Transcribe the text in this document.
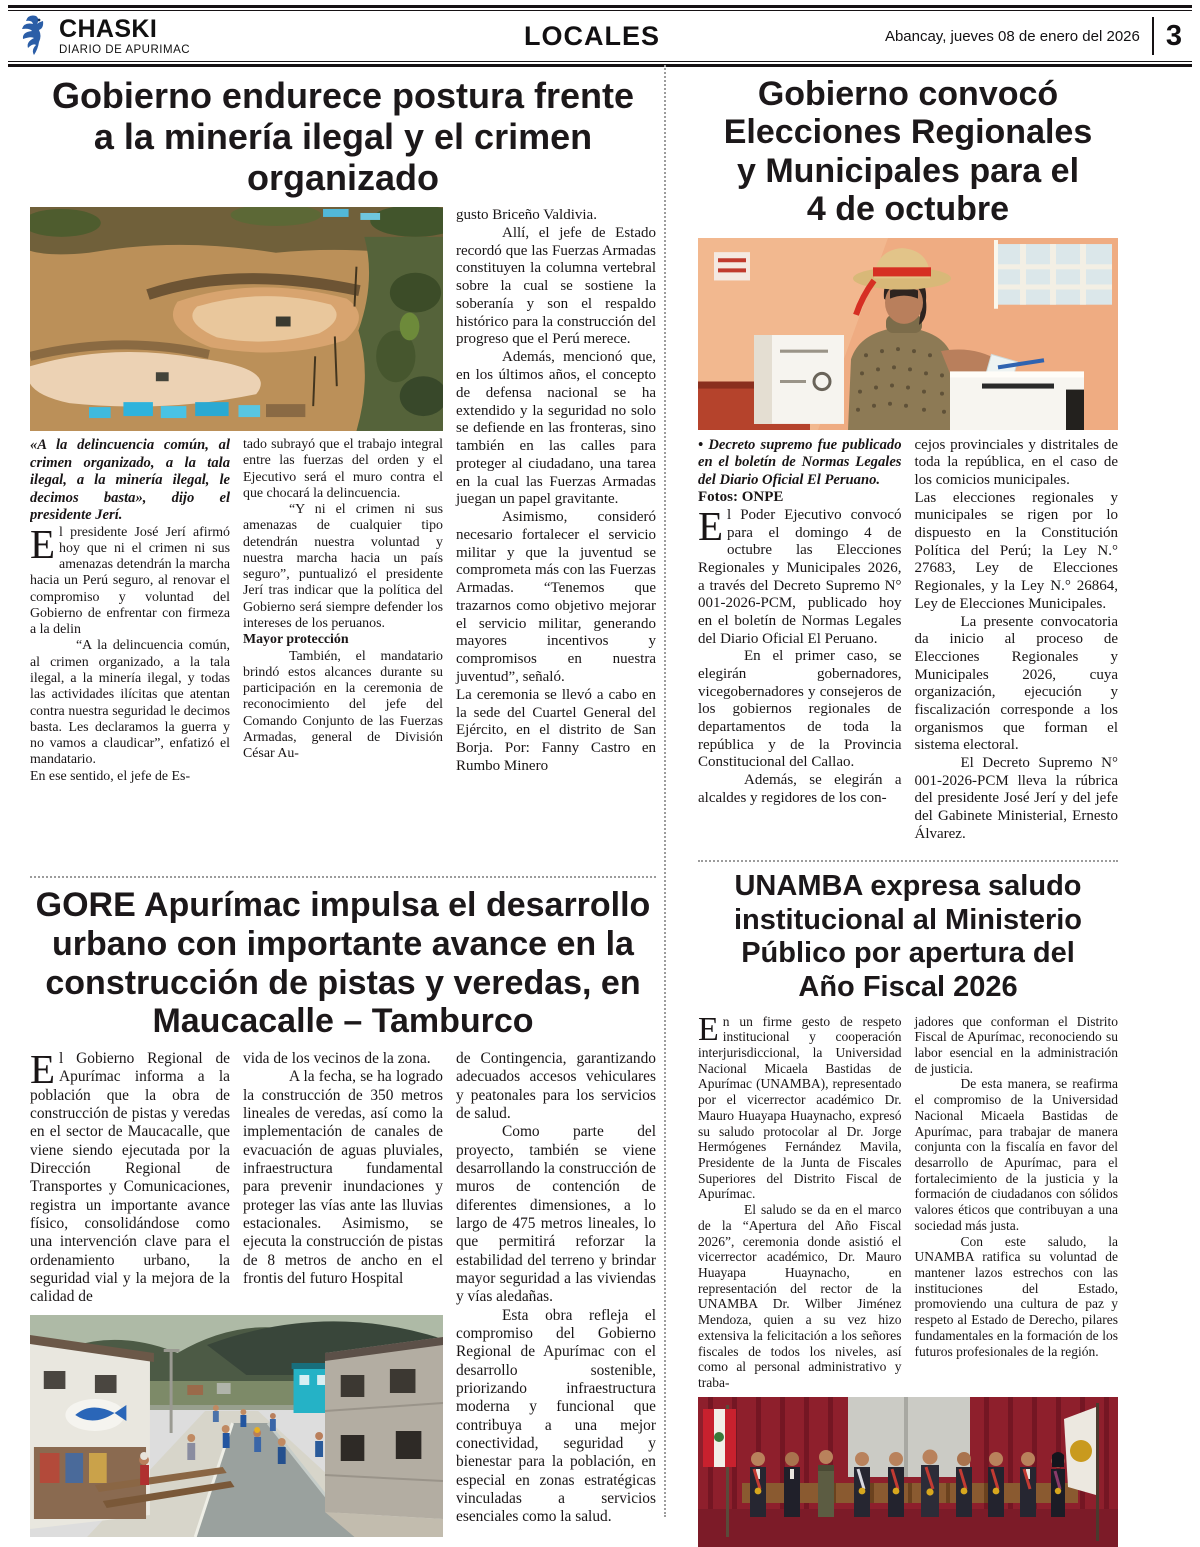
CHASKI
DIARIO DE APURIMAC	LOCALES	Abancay, jueves 08 de enero del 2026 3
Gobierno endurece postura frente
a la minería ilegal y el crimen
organizado

«A la delincuencia común, al crimen organizado, a la tala ilegal, a la minería ilegal, le decimos basta», dijo el presidente Jerí.

El presidente José Jerí afirmó hoy que ni el crimen ni sus amenazas detendrán la marcha hacia un Perú seguro, al renovar el compromiso y voluntad del Gobierno de enfrentar con firmeza a la delin

“A la delincuencia común, al crimen organizado, a la tala ilegal, a la minería ilegal, y todas las actividades ilícitas que atentan contra nuestra seguridad le decimos basta. Les declaramos la guerra y no vamos a claudicar”, enfatizó el mandatario.

En ese sentido, el jefe de Es-

tado subrayó que el trabajo integral entre las fuerzas del orden y el Ejecutivo será el muro contra el que chocará la delincuencia.

“Y ni el crimen ni sus amenazas de cualquier tipo detendrán nuestra voluntad y nuestra marcha hacia un país seguro”, puntualizó el presidente Jerí tras indicar que la política del Gobierno será siempre defender los intereses de los peruanos.

Mayor protección

También, el mandatario brindó estos alcances durante su participación en la ceremonia de reconocimiento del jefe del Comando Conjunto de las Fuerzas Armadas, general de División César Au-

gusto Briceño Valdivia.

Allí, el jefe de Estado recordó que las Fuerzas Armadas constituyen la columna vertebral sobre la cual se sostiene la soberanía y son el respaldo histórico para la construcción del progreso que el Perú merece.

Además, mencionó que, en los últimos años, el concepto de defensa nacional se ha extendido y la seguridad no solo se defiende en las fronteras, sino también en las calles para proteger al ciudadano, una tarea en la cual las Fuerzas Armadas juegan un papel gravitante.

Asimismo, consideró necesario fortalecer el servicio militar y que la juventud se comprometa más con las Fuerzas Armadas. “Tenemos que trazarnos como objetivo mejorar el servicio militar, generando mayores incentivos y compromisos en nuestra juventud”, señaló.

La ceremonia se llevó a cabo en la sede del Cuartel General del Ejército, en el distrito de San Borja. Por: Fanny Castro en Rumbo Minero

GORE Apurímac impulsa el desarrollo
urbano con importante avance en la
construcción de pistas y veredas, en
Maucacalle – Tamburco

El Gobierno Regional de Apurímac informa a la población que la obra de construcción de pistas y veredas en el sector de Maucacalle, que viene siendo ejecutada por la Dirección Regional de Transportes y Comunicaciones, registra un importante avance físico, consolidándose como una intervención clave para el ordenamiento urbano, la seguridad vial y la mejora de la calidad de

vida de los vecinos de la zona.

A la fecha, se ha logrado la construcción de 350 metros lineales de veredas, así como la implementación de canales de evacuación de aguas pluviales, infraestructura fundamental para prevenir inundaciones y proteger las vías ante las lluvias estacionales. Asimismo, se ejecuta la construcción de pistas de 8 metros de ancho en el frontis del futuro Hospital

de Contingencia, garantizando adecuados accesos vehiculares y peatonales para los servicios de salud.

Como parte del proyecto, también se viene desarrollando la construcción de muros de contención de diferentes dimensiones, a lo largo de 475 metros lineales, lo que permitirá reforzar la estabilidad del terreno y brindar mayor seguridad a las viviendas y vías aledañas.

Esta obra refleja el compromiso del Gobierno Regional de Apurímac con el desarrollo sostenible, priorizando infraestructura moderna y funcional que contribuya a una mejor conectividad, seguridad y bienestar para la población, en especial en zonas estratégicas vinculadas a servicios esenciales como la salud.

Gobierno convocó
Elecciones Regionales
y Municipales para el
4 de octubre

• Decreto supremo fue publicado en el boletín de Normas Legales del Diario Oficial El Peruano.

Fotos: ONPE

El Poder Ejecutivo convocó para el domingo 4 de octubre las Elecciones Regionales y Municipales 2026, a través del Decreto Supremo N° 001-2026-PCM, publicado hoy en el boletín de Normas Legales del Diario Oficial El Peruano.

En el primer caso, se elegirán gobernadores, vicegobernadores y consejeros de los gobiernos regionales de departamentos de toda la república y de la Provincia Constitucional del Callao.

Además, se elegirán a alcaldes y regidores de los con-

cejos provinciales y distritales de toda la república, en el caso de los comicios municipales.

Las elecciones regionales y municipales se rigen por lo dispuesto en la Constitución Política del Perú; la Ley N.° 27683, Ley de Elecciones Regionales, y la Ley N.° 26864, Ley de Elecciones Municipales.

La presente convocatoria da inicio al proceso de Elecciones Regionales y Municipales 2026, cuya organización, ejecución y fiscalización corresponde a los organismos que forman el sistema electoral.

El Decreto Supremo N° 001-2026-PCM lleva la rúbrica del presidente José Jerí y del jefe del Gabinete Ministerial, Ernesto Álvarez.

UNAMBA expresa saludo
institucional al Ministerio
Público por apertura del
Año Fiscal 2026

En un firme gesto de respeto institucional y cooperación interjurisdiccional, la Universidad Nacional Micaela Bastidas de Apurímac (UNAMBA), representado por el vicerrector académico Dr. Mauro Huayapa Huaynacho, expresó su saludo protocolar al Dr. Jorge Hermógenes Fernández Mavila, Presidente de la Junta de Fiscales Superiores del Distrito Fiscal de Apurímac.

El saludo se da en el marco de la “Apertura del Año Fiscal 2026”, ceremonia donde asistió el vicerrector académico, Dr. Mauro Huayapa Huaynacho, en representación del rector de la UNAMBA Dr. Wilber Jiménez Mendoza, quien a su vez hizo extensiva la felicitación a los señores fiscales de todos los niveles, así como al personal administrativo y traba-

jadores que conforman el Distrito Fiscal de Apurímac, reconociendo su labor esencial en la administración de justicia.

De esta manera, se reafirma el compromiso de la Universidad Nacional Micaela Bastidas de Apurímac, para trabajar de manera conjunta con la fiscalía en favor del desarrollo de Apurímac, para el fortalecimiento de la justicia y la formación de ciudadanos con sólidos valores éticos que contribuyan a una sociedad más justa.

Con este saludo, la UNAMBA ratifica su voluntad de mantener lazos estrechos con las instituciones del Estado, promoviendo una cultura de paz y respeto al Estado de Derecho, pilares fundamentales en la formación de los futuros profesionales de la región.
